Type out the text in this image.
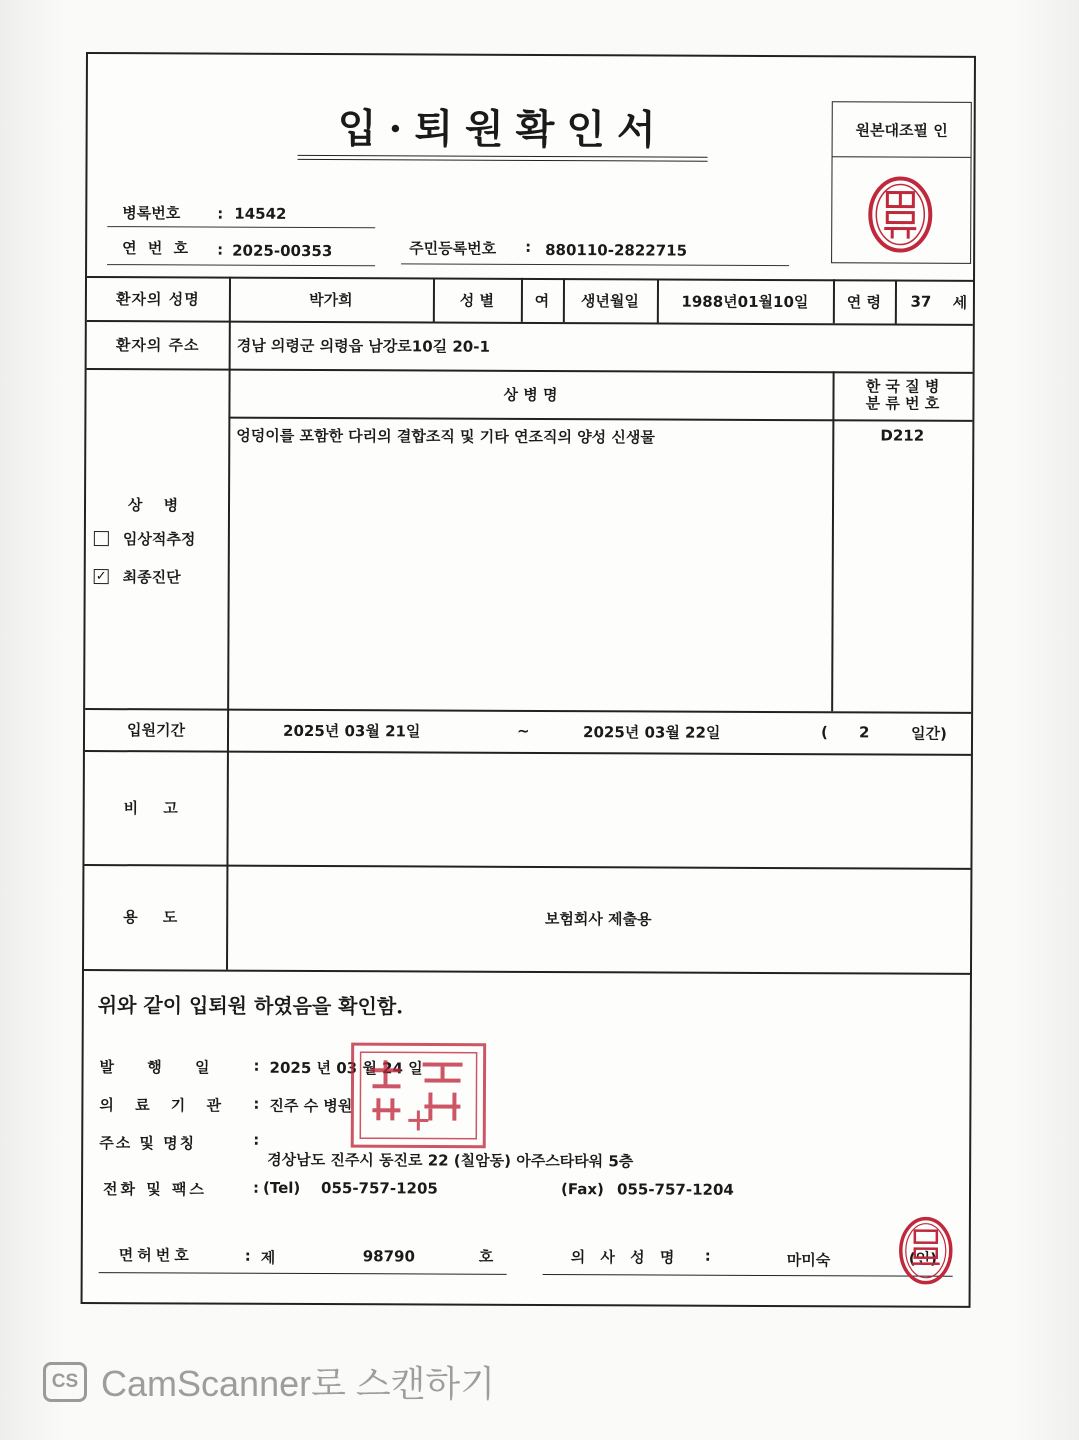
입·퇴원확인서	원본대조필 인
병록번호 : 14542
연 번 호 : 2025-00353	주민등록번호 : 880110-2822715
환자의 성명	박가희	성 별	여	생년월일	1988년01월10일	연 령	37	세
환자의 주소	경남 의령군 의령읍 남강로10길 20-1
상 병
임상적추정
✓ 최종진단
상 병 명	한 국 질 병
분 류 번 호
엉덩이를 포함한 다리의 결합조직 및 기타 연조직의 양성 신생물	D212
입원기간	2025년 03월 21일	~	2025년 03월 22일	( 2	일간)
비 고
용 도	보험회사 제출용
위와 같이 입퇴원 하였음을 확인함.
발 행 일 : 2025 년 03 월 24 일
의 료 기 관 : 진주 수 병원
주소 및 명칭	:
경상남도 진주시 동진로 22 (칠암동) 아주스타타워 5층
전화 및 팩스	: (Tel) 055-757-1205	(Fax) 055-757-1204
면허번호	: 제	98790	호	의 사 성 명 :	마미숙	(인)
CS CamScanner로 스캔하기
